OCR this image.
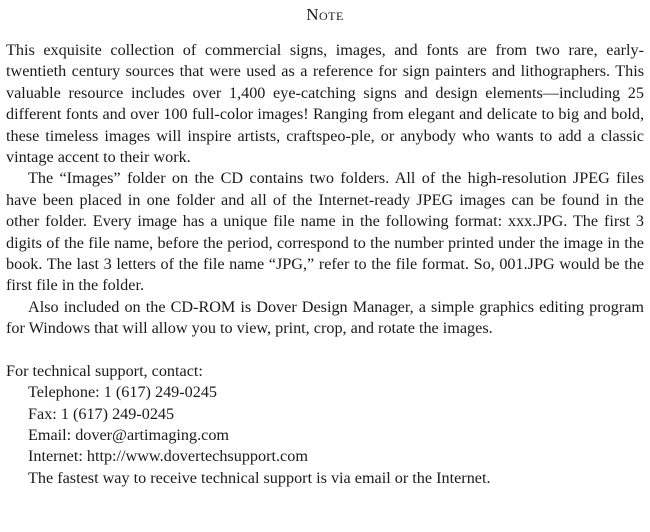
Note

This exquisite collection of commercial signs, images, and fonts are from two rare, early-twentieth century sources that were used as a reference for sign painters and lithographers. This valuable resource includes over 1,400 eye-catching signs and design elements—including 25 different fonts and over 100 full-color images! Ranging from elegant and delicate to big and bold, these timeless images will inspire artists, craftspeo-ple, or anybody who wants to add a classic vintage accent to their work.

The “Images” folder on the CD contains two folders. All of the high-resolution JPEG files have been placed in one folder and all of the Internet-ready JPEG images can be found in the other folder. Every image has a unique file name in the following format: xxx.JPG. The first 3 digits of the file name, before the period, correspond to the number printed under the image in the book. The last 3 letters of the file name “JPG,” refer to the file format. So, 001.JPG would be the first file in the folder.

Also included on the CD-ROM is Dover Design Manager, a simple graphics editing program for Windows that will allow you to view, print, crop, and rotate the images.

For technical support, contact:

Telephone: 1 (617) 249-0245

Fax: 1 (617) 249-0245

Email: dover@artimaging.com

Internet: http://www.dovertechsupport.com

The fastest way to receive technical support is via email or the Internet.
